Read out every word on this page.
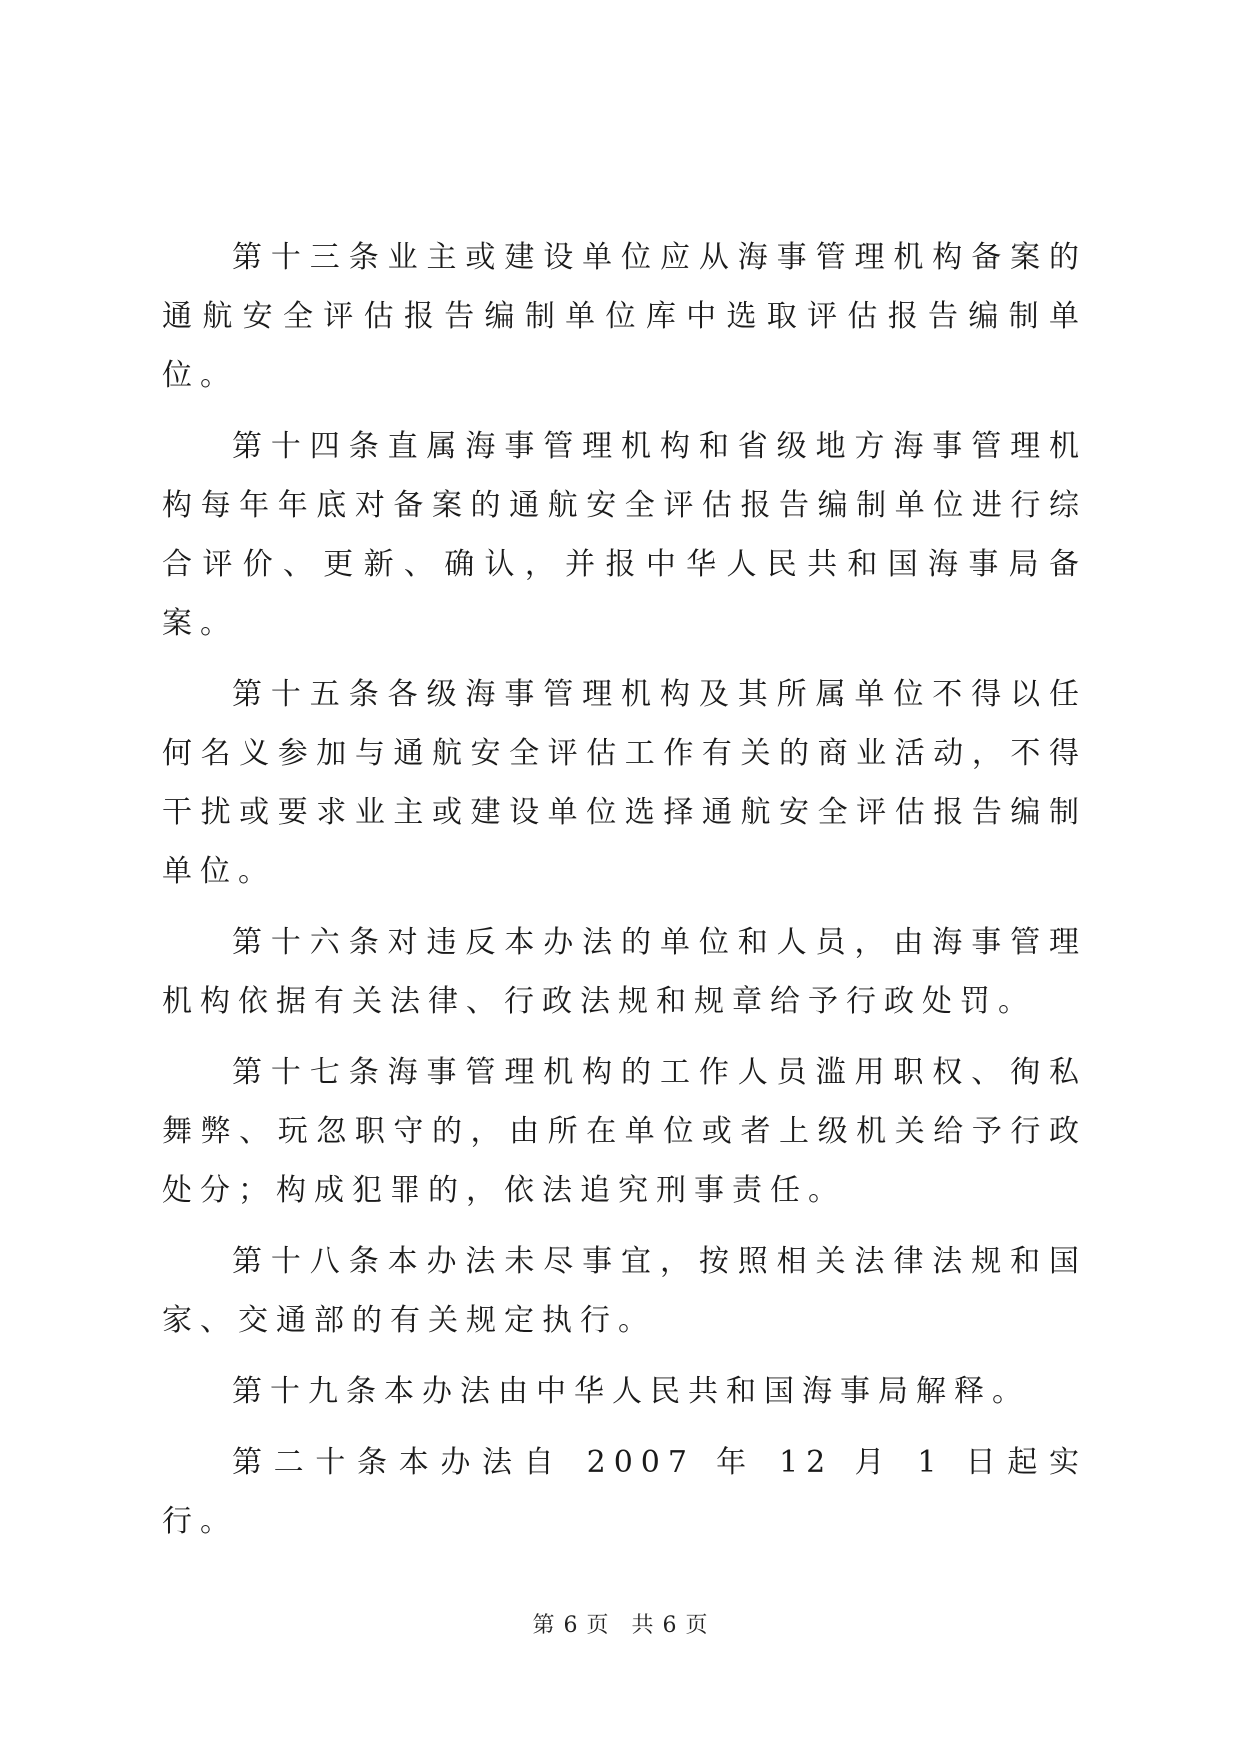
第十三条业主或建设单位应从海事管理机构备案的通航安全评估报告编制单位库中选取评估报告编制单位。

第十四条直属海事管理机构和省级地方海事管理机构每年年底对备案的通航安全评估报告编制单位进行综合评价、更新、确认，并报中华人民共和国海事局备案。

第十五条各级海事管理机构及其所属单位不得以任何名义参加与通航安全评估工作有关的商业活动，不得干扰或要求业主或建设单位选择通航安全评估报告编制单位。

第十六条对违反本办法的单位和人员，由海事管理机构依据有关法律、行政法规和规章给予行政处罚。

第十七条海事管理机构的工作人员滥用职权、徇私舞弊、玩忽职守的，由所在单位或者上级机关给予行政处分；构成犯罪的，依法追究刑事责任。

第十八条本办法未尽事宜，按照相关法律法规和国家、交通部的有关规定执行。

第十九条本办法由中华人民共和国海事局解释。

第二十条本办法自 2007 年 12 月 1 日起实行。

第 6 页 共 6 页
